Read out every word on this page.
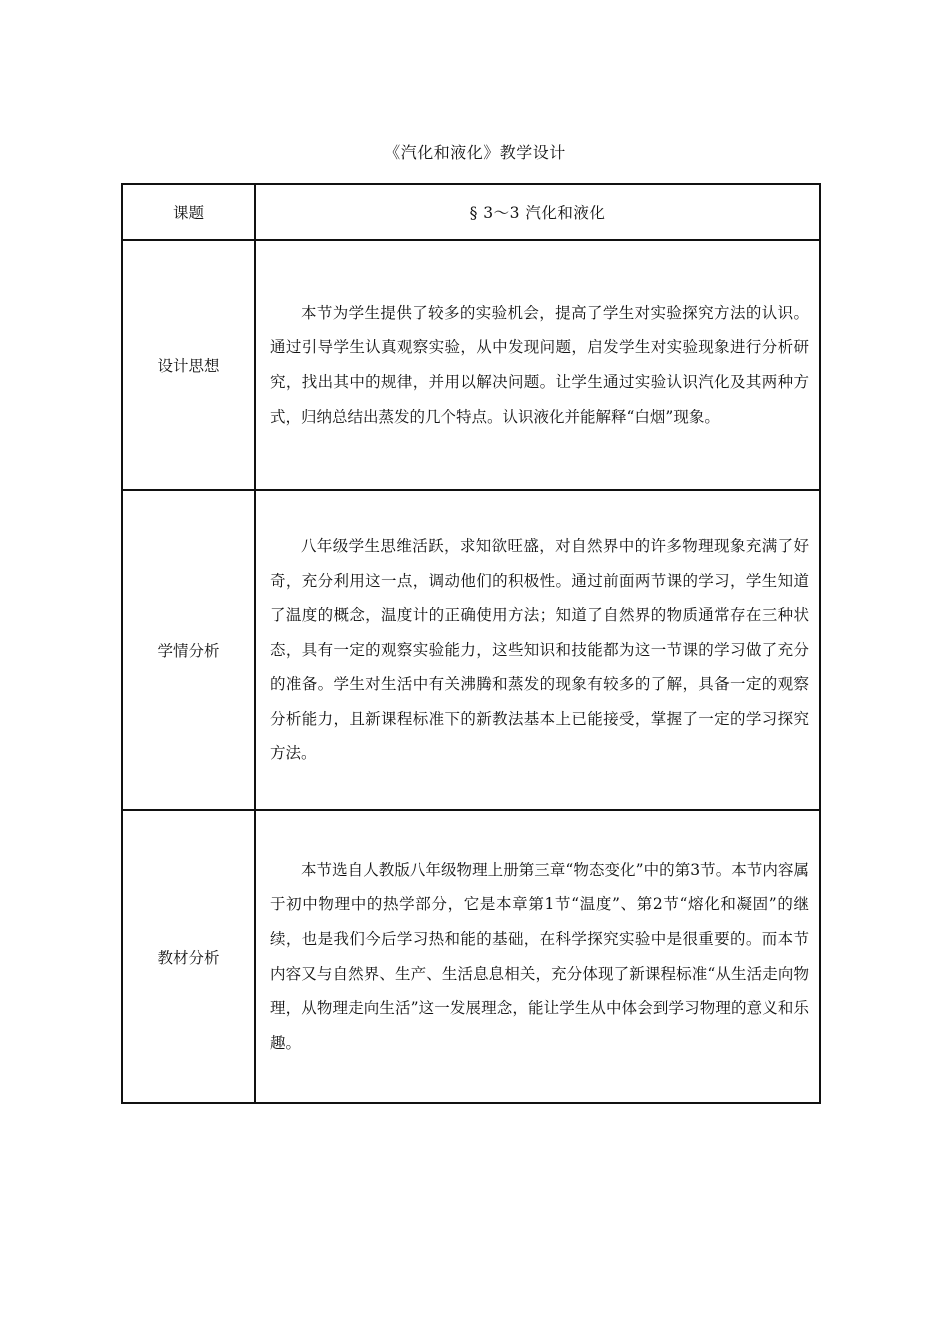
《汽化和液化》教学设计
课题	§ 3～3 汽化和液化
设计思想	本节为学生提供了较多的实验机会，提高了学生对实验探究方法的认识。通过引导学生认真观察实验，从中发现问题，启发学生对实验现象进行分析研究，找出其中的规律，并用以解决问题。让学生通过实验认识汽化及其两种方式，归纳总结出蒸发的几个特点。认识液化并能解释“白烟”现象。
学情分析	八年级学生思维活跃，求知欲旺盛，对自然界中的许多物理现象充满了好奇，充分利用这一点，调动他们的积极性。通过前面两节课的学习，学生知道了温度的概念，温度计的正确使用方法；知道了自然界的物质通常存在三种状态，具有一定的观察实验能力，这些知识和技能都为这一节课的学习做了充分的准备。学生对生活中有关沸腾和蒸发的现象有较多的了解，具备一定的观察分析能力，且新课程标准下的新教法基本上已能接受，掌握了一定的学习探究方法。
教材分析	本节选自人教版八年级物理上册第三章“物态变化”中的第3节。本节内容属于初中物理中的热学部分，它是本章第1节“温度”、第2节“熔化和凝固”的继续，也是我们今后学习热和能的基础，在科学探究实验中是很重要的。而本节内容又与自然界、生产、生活息息相关，充分体现了新课程标准“从生活走向物理，从物理走向生活”这一发展理念，能让学生从中体会到学习物理的意义和乐趣。
